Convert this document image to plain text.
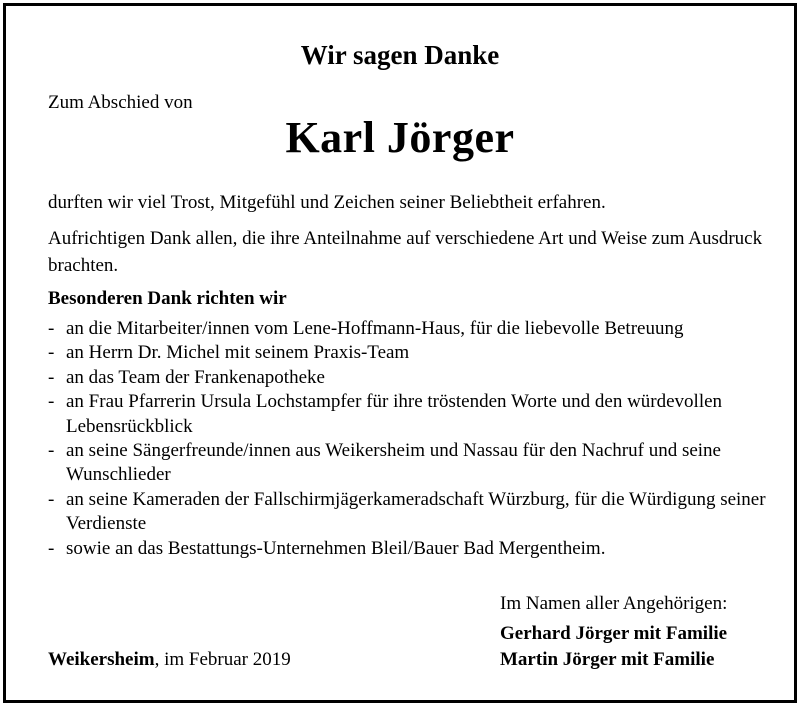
Wir sagen Danke
Zum Abschied von
Karl Jörger
durften wir viel Trost, Mitgefühl und Zeichen seiner Beliebtheit erfahren.
Aufrichtigen Dank allen, die ihre Anteilnahme auf verschiedene Art und Weise zum Ausdruck brachten.
Besonderen Dank richten wir
- an die Mitarbeiter/innen vom Lene-Hoffmann-Haus, für die liebevolle Betreuung
- an Herrn Dr. Michel mit seinem Praxis-Team
- an das Team der Frankenapotheke
- an Frau Pfarrerin Ursula Lochstampfer für ihre tröstenden Worte und den würdevollen Lebensrückblick
- an seine Sängerfreunde/innen aus Weikersheim und Nassau für den Nachruf und seine Wunschlieder
- an seine Kameraden der Fallschirmjägerkameradschaft Würzburg, für die Würdigung seiner Verdienste
- sowie an das Bestattungs-Unternehmen Bleil/Bauer Bad Mergentheim.
Im Namen aller Angehörigen:
Gerhard Jörger mit Familie
Martin Jörger mit Familie
Weikersheim, im Februar 2019
